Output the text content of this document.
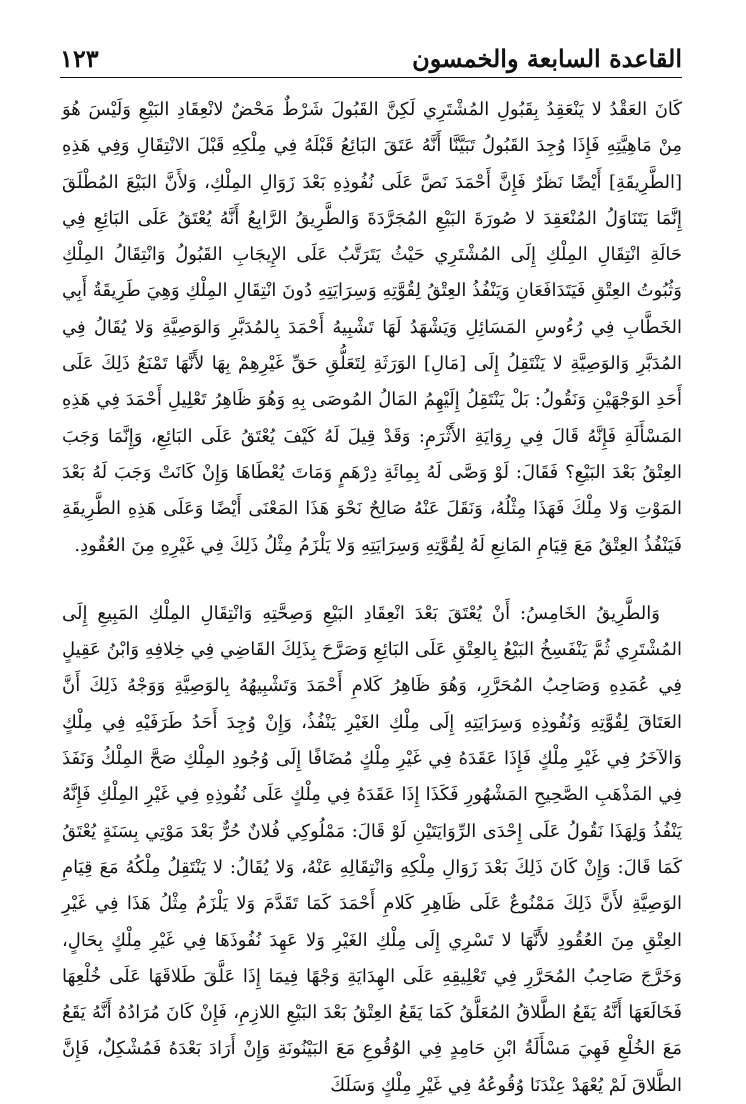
القاعدة السابعة والخمسون
١٢٣

كَانَ العَقْدُ لا يَنْعَقِدُ بِقَبُولِ المُشْتَرِي لَكِنَّ القَبُولَ شَرْطٌ مَحْضٌ لانْعِقَادِ البَيْعِ وَلَيْسَ هُوَ مِنْ مَاهِيَّتِهِ فَإِذَا وُجِدَ القَبُولُ تَبَيَّنَّا أَنَّهُ عَتَقَ البَائِعُ قَبْلَهُ فِي مِلْكِهِ قَبْلَ الانْتِقَالِ وَفِي هَذِهِ [الطَّرِيقَةِ] أَيْضًا نَظَرٌ فَإِنَّ أَحْمَدَ نَصَّ عَلَى نُفُوذِهِ بَعْدَ زَوَالِ المِلْكِ، وَلأَنَّ البَيْعَ المُطْلَقَ إِنَّمَا يَتَنَاوَلُ المُنْعَقِدَ لا صُورَةَ البَيْعِ المُجَرَّدَةَ وَالطَّرِيقُ الرَّابِعُ أَنَّهُ يُعْتَقُ عَلَى البَائِعِ فِي حَالَةِ انْتِقَالِ المِلْكِ إِلَى المُشْتَرِي حَيْثُ يَتَرَتَّبُ عَلَى الإِيجَابِ القَبُولُ وَانْتِقَالُ المِلْكِ وَثُبُوتُ العِتْقِ فَيَتَدَافَعَانِ وَيَنْفُذُ العِتْقُ لِقُوَّتِهِ وَسِرَايَتِهِ دُونَ انْتِقَالِ المِلْكِ وَهِيَ طَرِيقَةُ أَبِي الخَطَّابِ فِي رُءُوسِ المَسَائِلِ وَيَشْهَدُ لَهَا تَشْبِيهُ أَحْمَدَ بِالمُدَبَّرِ وَالوَصِيَّةِ وَلا يُقَالُ فِي المُدَبَّرِ وَالوَصِيَّةِ لا يَنْتَقِلُ إِلَى [مَالِ] الوَرَثَةِ لِتَعَلُّقِ حَقِّ غَيْرِهِمْ بِهَا لأَنَّهَا تَمْنَعُ ذَلِكَ عَلَى أَحَدِ الوَجْهَيْنِ وَنَقُولُ: بَلْ يَنْتَقِلُ إِلَيْهِمُ المَالُ المُوصَى بِهِ وَهُوَ ظَاهِرُ تَعْلِيلِ أَحْمَدَ فِي هَذِهِ المَسْأَلَةِ فَإِنَّهُ قَالَ فِي رِوَايَةِ الأَثْرَمِ: وَقَدْ قِيلَ لَهُ كَيْفَ يُعْتَقُ عَلَى البَائِعِ، وَإِنَّمَا وَجَبَ العِتْقُ بَعْدَ البَيْعِ؟ فَقَالَ: لَوْ وَصَّى لَهُ بِمِائَةِ دِرْهَمٍ وَمَاتَ يُعْطَاهَا وَإِنْ كَانَتْ وَجَبَ لَهُ بَعْدَ المَوْتِ وَلا مِلْكَ فَهَذَا مِثْلُهُ، وَنَقَلَ عَنْهُ صَالِحٌ نَحْوَ هَذَا المَعْنَى أَيْضًا وَعَلَى هَذِهِ الطَّرِيقَةِ فَيَنْفُذُ العِتْقُ مَعَ قِيَامِ المَانِعِ لَهُ لِقُوَّتِهِ وَسِرَايَتِهِ وَلا يَلْزَمُ مِثْلُ ذَلِكَ فِي غَيْرِهِ مِنَ العُقُودِ.

وَالطَّرِيقُ الخَامِسُ: أَنْ يُعْتَقَ بَعْدَ انْعِقَادِ البَيْعِ وَصِحَّتِهِ وَانْتِقَالِ المِلْكِ المَبِيعِ إِلَى المُشْتَرِي ثُمَّ يَنْفَسِخُ البَيْعُ بِالعِتْقِ عَلَى البَائِعِ وَصَرَّحَ بِذَلِكَ القَاضِي فِي خِلافِهِ وَابْنُ عَقِيلٍ فِي عُمَدِهِ وَصَاحِبُ المُحَرَّرِ، وَهُوَ ظَاهِرُ كَلامِ أَحْمَدَ وَتَشْبِيهُهُ بِالوَصِيَّةِ وَوَجْهُ ذَلِكَ أَنَّ العَتَاقَ لِقُوَّتِهِ وَنُفُوذِهِ وَسِرَايَتِهِ إِلَى مِلْكِ الغَيْرِ يَنْفُذُ، وَإِنْ وُجِدَ أَحَدُ طَرَفَيْهِ فِي مِلْكٍ وَالآخَرُ فِي غَيْرِ مِلْكٍ فَإِذَا عَقَدَهُ فِي غَيْرِ مِلْكٍ مُضَافًا إِلَى وُجُودِ المِلْكِ صَحَّ المِلْكُ وَنَفَذَ فِي المَذْهَبِ الصَّحِيحِ المَشْهُورِ فَكَذَا إِذَا عَقَدَهُ فِي مِلْكٍ عَلَى نُفُوذِهِ فِي غَيْرِ المِلْكِ فَإِنَّهُ يَنْفُذُ وَلِهَذَا نَقُولُ عَلَى إِحْدَى الرِّوَايَتَيْنِ لَوْ قَالَ: مَمْلُوكِي فُلانٌ حُرٌّ بَعْدَ مَوْتِي بِسَنَةٍ يُعْتَقُ كَمَا قَالَ: وَإِنْ كَانَ ذَلِكَ بَعْدَ زَوَالِ مِلْكِهِ وَانْتِقَالِهِ عَنْهُ، وَلا يُقَالُ: لا يَنْتَقِلُ مِلْكُهُ مَعَ قِيَامِ الوَصِيَّةِ لأَنَّ ذَلِكَ مَمْنُوعٌ عَلَى ظَاهِرِ كَلامِ أَحْمَدَ كَمَا تَقَدَّمَ وَلا يَلْزَمُ مِثْلُ هَذَا فِي غَيْرِ العِتْقِ مِنَ العُقُودِ لأَنَّهَا لا تَسْرِي إِلَى مِلْكِ الغَيْرِ وَلا عَهِدَ نُفُوذَهَا فِي غَيْرِ مِلْكٍ بِحَالٍ، وَخَرَّجَ صَاحِبُ المُحَرَّرِ فِي تَعْلِيقِهِ عَلَى الهِدَايَةِ وَجْهًا فِيمَا إِذَا عَلَّقَ طَلاقَهَا عَلَى خُلْعِهَا فَخَالَعَهَا أَنَّهُ يَقَعُ الطَّلاقُ المُعَلَّقُ كَمَا يَقَعُ العِتْقُ بَعْدَ البَيْعِ اللازِمِ، فَإِنْ كَانَ مُرَادُهُ أَنَّهُ يَقَعُ مَعَ الخُلْعِ فَهِيَ مَسْأَلَةُ ابْنِ حَامِدٍ فِي الوُقُوعِ مَعَ البَيْنُونَةِ وَإِنْ أَرَادَ بَعْدَهُ فَمُشْكِلٌ، فَإِنَّ الطَّلاقَ لَمْ يُعْهَدْ عِنْدَنَا وُقُوعُهُ فِي غَيْرِ مِلْكٍ وَسَلَكَ
